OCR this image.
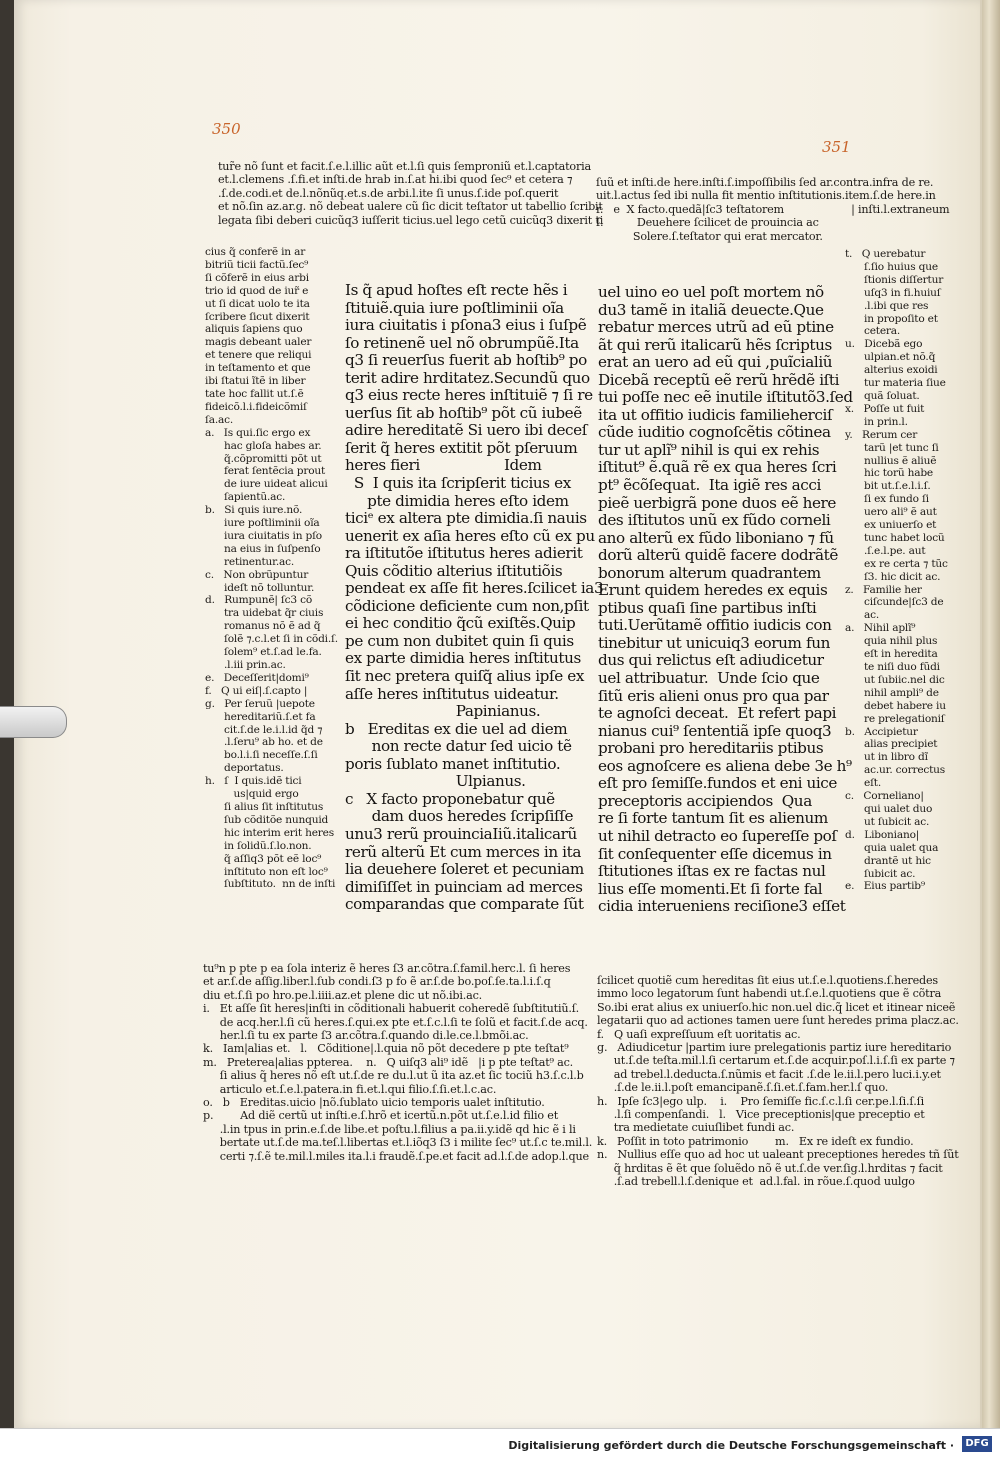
350
351
tur̃e nõ ſunt et facit.ſ.e.l.illic aũt et.l.ſi quis ſemproniũ et.l.captatoria
et.l.clemens .ſ.fi.et inſti.de hrab in.ſ.at hi.ibi quod ſec⁹ et cetera ⁊
.ſ.de.codi.et de.l.nõnũq.et.s.de arbi.l.ite ſi unus.ſ.ide poſ.querit
et nõ.ſin az.ar.g. nõ debeat ualere cũ ſic dicit teſtator ut tabellio ſcribit
legata ſibi deberi cuicũq3 iuſſerit ticius.uel lego cetũ cuicũq3 dixerit ti
ſuũ et inſti.de here.inſti.ſ.impoſſibilis ſed ar.contra.infra de re.
uit.l.actus ſed ibi nulla fit mentio inſtitutionis.item.ſ.de here.in
r.   e  X facto.quedã|ſc3 teſtatorem                    | inſti.l.extraneum
ſ.          Deuehere ſcilicet de prouincia ac
Solere.ſ.teſtator qui erat mercator.
cius q̃ conferẽ in ar
bitriũ ticii factũ.ſec⁹
ſi cõferẽ in eius arbi
trio id quod de iur̃ e
ut ſi dicat uolo te ita
ſcribere ſicut dixerit
aliquis ſapiens quo
magis debeant ualer
et tenere que reliqui
in teſtamento et que
ibi ſtatui ĩtẽ in liber
tate hoc fallit ut.ſ.ẽ
fideicõ.l.i.fideicõmiſ
ſa.ac.
a.   Is qui.ſic ergo ex
hac gloſa habes ar.
q̃.cõpromitti põt ut
ferat ſentẽcia prout
de iure uideat alicui
ſapientũ.ac.
b.   Si quis iure.nõ.
iure poſtliminii oĩa
iura ciuitatis in pſo
na eius in ſuſpenſo
retinentur.ac.
c.   Non obrũpuntur
ideſt nõ tolluntur.
d.   Rumpunẽ| ſc3 cõ
tra uidebat q̃r ciuis
romanus nõ ẽ ad q̃
ſolẽ ⁊.c.l.et ſi in cõdi.ſ.
ſolem⁹ et.ſ.ad le.fa.
.l.iii prin.ac.
e.   Deceſſerit|domi⁹
f.   Q ui eiſ|.ſ.capto |
g.   Per ſeruũ |uepote
hereditariũ.ſ.et fa
cit.ſ.de le.i.l.id q̃d ⁊
.l.ſeru⁹ ab ho. et de
bo.l.i.ſi neceſſe.ſ.ſi
deportatus.
h.   ſ  I quis.idẽ tici
us|quid ergo
ſi alius ſit inſtitutus
ſub cõditõe nunquid
hic interim erit heres
in ſolidũ.ſ.lo.non.
q̃ aſſiq3 põt eẽ loc⁹
inſtituto non eſt loc⁹
ſubſtituto.  nn de inſti
Is q̃ apud hoſtes eſt recte hẽs i
ſtituiẽ.quia iure poſtliminii oĩa
iura ciuitatis i pſona3 eius i ſuſpẽ
ſo retinenẽ uel nõ obrumpũẽ.Ita
q3 ſi reuerſus fuerit ab hoſtib⁹ po
terit adire hrditatez.Secundũ quo
q3 eius recte heres inſtituiẽ ⁊ ſi re
uerſus ſit ab hoſtib⁹ põt cũ iubeẽ
adire hereditatẽ Si uero ibi deceſ
ſerit q̃ heres extitit põt pſeruum
heres fieri                   Idem
S  I quis ita ſcripſerit ticius ex
pte dimidia heres eſto idem
ticiᵉ ex altera pte dimidia.ſi nauis
uenerit ex aſia heres eſto cũ ex pu
ra iſtitutõe iſtitutus heres adierit
Quis cõditio alterius iſtitutiõis
pendeat ex aſſe fit heres.ſcilicet ia3
cõdicione deficiente cum non,pſit
ei hec conditio q̃cũ exiſtẽs.Quip
pe cum non dubitet quin ſi quis
ex parte dimidia heres inſtitutus
ſit nec pretera quiſq̃ alius ipſe ex
aſſe heres inſtitutus uideatur.
Papinianus.
b   Ereditas ex die uel ad diem
non recte datur ſed uicio tẽ
poris ſublato manet inſtitutio.
Ulpianus.
c   X facto proponebatur quẽ
dam duos heredes ſcripſiſſe
unu3 rerũ prouinciaIiũ.italicarũ
rerũ alterũ Et cum merces in ita
lia deuehere ſoleret et pecuniam
dimiſiſſet in puinciam ad merces
comparandas que comparate ſũt
uel uino eo uel poſt mortem nõ
du3 tamẽ in italiã deuecte.Que
rebatur merces utrũ ad eũ ptine
ãt qui rerũ italicarũ hẽs ſcriptus
erat an uero ad eũ qui ,puĩcialiũ
Dicebã receptũ eẽ rerũ hrẽdẽ iſti
tui poſſe nec eẽ inutile iſtitutõ3.ſed
ita ut offitio iudicis familieherciſ
cũde iuditio cognoſcẽtis cõtinea
tur ut aplĩ⁹ nihil is qui ex rehis
iſtitut⁹ ẽ.quã rẽ ex qua heres ſcri
pt⁹ ẽcõſequat.  Ita igiẽ res acci
pieẽ uerbigrã pone duos eẽ here
des iſtitutos unũ ex fũdo corneli
ano alterũ ex fũdo liboniano ⁊ fũ
dorũ alterũ quidẽ facere dodrãtẽ
bonorum alterum quadrantem
Erunt quidem heredes ex equis
ptibus quaſi ſine partibus inſti
tuti.Uerũtamẽ offitio iudicis con
tinebitur ut unicuiq3 eorum fun
dus qui relictus eſt adiudicetur
uel attribuatur.  Unde ſcio que
ſitũ eris alieni onus pro qua par
te agnoſci deceat.  Et refert papi
nianus cui⁹ ſententiã ipſe quoq3
probani pro hereditariis ptibus
eos agnoſcere es aliena debe 3e h⁹
eſt pro ſemiſſe.fundos et eni uice
preceptoris accipiendos  Qua
re ſi forte tantum ſit es alienum
ut nihil detracto eo ſupereſſe poſ
ſit conſequenter eſſe dicemus in
ſtitutiones iſtas ex re factas nul
lius eſſe momenti.Et ſi forte fal
cidia interueniens reciſione3 eſſet
t.   Q uerebatur
ſ.ſio huius que
ſtionis diſſertur
uſq3 in fi.huiuſ
.l.ibi que res
in propoſito et
cetera.
u.   Dicebã ego
ulpian.et nõ.q̃
alterius exoidi
tur materia ſiue
quã ſoluat.
x.   Poſſe ut fuit
in prin.l.
y.   Rerum cer
tarũ |et tunc ſi
nullius ẽ aliuẽ
hic torũ habe
bit ut.ſ.e.l.i.ſ.
ſi ex fundo ſi
uero ali⁹ ẽ aut
ex uniuerſo et
tunc habet locũ
.ſ.e.l.pe. aut
ex re certa ⁊ tũc
ſ3. hic dicit ac.
z.   Familie her
ciſcunde|ſc3 de
ac.
a.   Nihil aplĩ⁹
quia nihil plus
eſt in heredita
te niſi duo fũdi
ut ſubiic.nel dic
nihil ampli⁹ de
debet habere iu
re prelegationiſ
b.   Accipietur
alias precipiet
ut in libro dĩ
ac.ur. correctus
eſt.
c.   Corneliano|
qui ualet duo
ut ſubicit ac.
d.   Liboniano|
quia ualet qua
drantẽ ut hic
ſubicit ac.
e.   Eius partib⁹
tu⁹n p pte p ea ſola interiz ẽ heres ſ3 ar.cõtra.ſ.famil.herc.l. ſi heres
et ar.ſ.de aſſig.liber.l.ſub condi.ſ3 p fo ẽ ar.ſ.de bo.poſ.ſe.ta.l.i.ſ.q
diu et.ſ.ſi po hro.pe.l.iiii.az.et plene dic ut nõ.ibi.ac.
i.   Et aſſe ſit heres|inſti in cõditionali habuerit coheredẽ ſubſtitutiũ.ſ.
de acq.her.l.ſi cũ heres.ſ.qui.ex pte et.ſ.c.l.ſi te ſolũ et facit.ſ.de acq.
her.l.ſi tu ex parte ſ3 ar.cõtra.ſ.quando di.le.ce.l.bmõi.ac.
k.   Iam|alias et.   l.   Cõditione|.l.quia nõ põt decedere p pte teſtat⁹
m.   Preterea|alias ppterea.    n.   Q uiſq3 ali⁹ idẽ   |i p pte teſtat⁹ ac.
ſi alius q̃ heres nõ eſt ut.ſ.de re du.l.ut ũ ita az.et ſic tociũ h3.ſ.c.l.b
articulo et.ſ.e.l.patera.in fi.et.l.qui filio.ſ.ſi.et.l.c.ac.
o.   b   Ereditas.uicio |nõ.ſublato uicio temporis ualet inſtitutio.
p.        Ad diẽ certũ ut inſti.e.ſ.hrõ et icertũ.n.põt ut.ſ.e.l.id filio et
.l.in tpus in prin.e.ſ.de libe.et poſtu.l.filius a pa.ii.y.idẽ qd hic ẽ i li
bertate ut.ſ.de ma.teſ.l.libertas et.l.iõq3 ſ3 i milite ſec⁹ ut.ſ.c te.mil.l.
certi ⁊.ſ.ẽ te.mil.l.miles ita.l.i fraudẽ.ſ.pe.et facit ad.l.ſ.de adop.l.que
ſcilicet quotiẽ cum hereditas ſit eius ut.ſ.e.l.quotiens.ſ.heredes
immo loco legatorum ſunt habendi ut.ſ.e.l.quotiens que ẽ cõtra
So.ibi erat alius ex uniuerſo.hic non.uel dic.q̃ licet et itinear niceẽ
legatarii quo ad actiones tamen uere ſunt heredes prima placz.ac.
f.   Q uaſi expreſſuum eſt uoritatis ac.
g.   Adiudicetur |partim iure prelegationis partiz iure hereditario
ut.ſ.de teſta.mil.l.ſi certarum et.ſ.de acquir.poſ.l.i.ſ.ſi ex parte ⁊
ad trebel.l.deducta.ſ.nũmis et facit .ſ.de le.ii.l.pero luci.i.y.et
.ſ.de le.ii.l.poſt emancipanẽ.ſ.ſi.et.ſ.fam.her.l.ſ quo.
h.   Ipſe ſc3|ego ulp.    i.    Pro ſemiſſe fic.ſ.c.l.ſi cer.pe.l.ſi.ſ.ſi
.l.ſi compenſandi.   l.   Vice preceptionis|que preceptio et
tra medietate cuiuſlibet fundi ac.
k.   Poſſit in toto patrimonio        m.   Ex re ideſt ex fundio.
n.   Nullius eſſe quo ad hoc ut ualeant preceptiones heredes tñ ſũt
q̃ hrditas ẽ ẽt que ſoluẽdo nõ ẽ ut.ſ.de ver.ſig.l.hrditas ⁊ facit
.ſ.ad trebell.l.ſ.denique et  ad.l.fal. in rõue.ſ.quod uulgo
Digitalisierung gefördert durch die Deutsche Forschungsgemeinschaft ·	DFG
